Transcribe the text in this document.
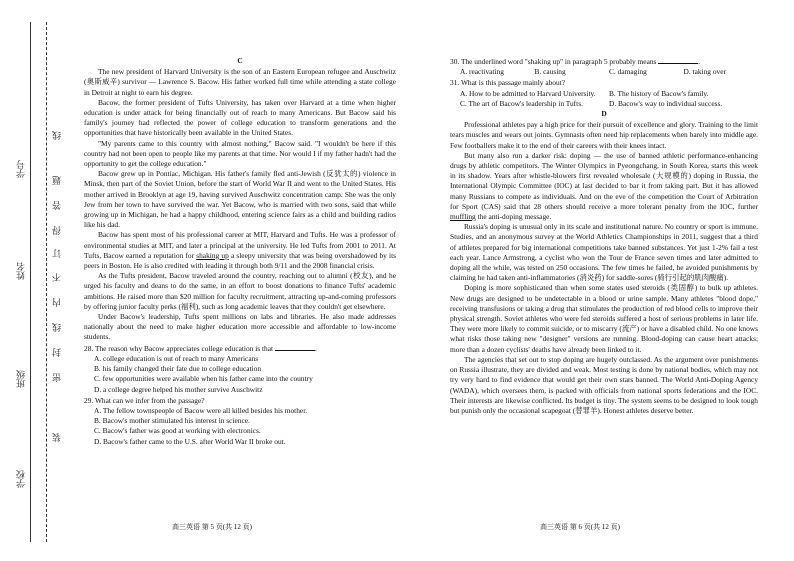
学号
姓名
班级
学校
线
题
答
得
订
不
内
线
封
密
装
C

The new president of Harvard University is the son of an Eastern European refugee and Auschwitz (奥斯威辛) survivor — Lawrence S. Bacow. His father worked full time while attending a state college in Detroit at night to earn his degree.

Bacow, the former president of Tufts University, has taken over Harvard at a time when higher education is under attack for being financially out of reach to many Americans. But Bacow said his family's journey had reflected the power of college education to transform generations and the opportunities that have historically been available in the United States.

"My parents came to this country with almost nothing," Bacow said. "I wouldn't be here if this country had not been open to people like my parents at that time. Nor would I if my father hadn't had the opportunity to get the college education."

Bacow grew up in Pontiac, Michigan. His father's family fled anti-Jewish (反犹太的) violence in Minsk, then part of the Soviet Union, before the start of World War II and went to the United States. His mother arrived in Brooklyn at age 19, having survived Auschwitz concentration camp. She was the only Jew from her town to have survived the war. Yet Bacow, who is married with two sons, said that while growing up in Michigan, he had a happy childhood, entering science fairs as a child and building radios like his dad.

Bacow has spent most of his professional career at MIT, Harvard and Tufts. He was a professor of environmental studies at MIT, and later a principal at the university. He led Tufts from 2001 to 2011. At Tufts, Bacow earned a reputation for shaking up a sleepy university that was being overshadowed by its peers in Boston. He is also credited with leading it through both 9/11 and the 2008 financial crisis.

As the Tufts president, Bacow traveled around the country, reaching out to alumni (校友), and he urged his faculty and deans to do the same, in an effort to boost donations to finance Tufts' academic ambitions. He raised more than $20 million for faculty recruitment, attracting up-and-coming professors by offering junior faculty perks (福利), such as long academic leaves that they couldn't get elsewhere.

Under Bacow's leadership, Tufts spent millions on labs and libraries. He also made addresses nationally about the need to make higher education more accessible and affordable to low-income students.

28. The reason why Bacow appreciates college education is that	.

A. college education is out of reach to many Americans
B. his family changed their fate due to college education
C. few opportunities were available when his father came into the country
D. a college degree helped his mother survive Auschwitz

29. What can we infer from the passage?

A. The fellow townspeople of Bacow were all killed besides his mother.
B. Bacow's mother stimulated his interest in science.
C. Bacow's father was good at working with electronics.
D. Bacow's father came to the U.S. after World War II broke out.

30. The underlined word "shaking up" in paragraph 5 probably means	.

A. reactivating	B. causing	C. damaging	D. taking over

31. What is this passage mainly about?

A. How to be admitted to Harvard University.	B. The history of Bacow's family.
C. The art of Bacow's leadership in Tufts.	D. Bacow's way to individual success.
D

Professional athletes pay a high price for their pursuit of excellence and glory. Training to the limit tears muscles and wears out joints. Gymnasts often need hip replacements when barely into middle age. Few footballers make it to the end of their careers with their knees intact.

But many also run a darker risk: doping — the use of banned athletic performance-enhancing drugs by athletic competitors. The Winter Olympics in Pyeongchang, in South Korea, starts this week in its shadow. Years after whistle-blowers first revealed wholesale (大规模的) doping in Russia, the International Olympic Committee (IOC) at last decided to bar it from taking part. But it has allowed many Russians to compete as individuals. And on the eve of the competition the Court of Arbitration for Sport (CAS) said that 28 others should receive a more tolerant penalty from the IOC, further muffling the anti-doping message.

Russia's doping is unusual only in its scale and institutional nature. No country or sport is immune. Studies, and an anonymous survey at the World Athletics Championships in 2011, suggest that a third of athletes prepared for big international competitions take banned substances. Yet just 1-2% fail a test each year. Lance Armstrong, a cyclist who won the Tour de France seven times and later admitted to doping all the while, was tested on 250 occasions. The few times he failed, he avoided punishments by claiming he had taken anti-inflammatories (消炎药) for saddle-sores (骑行引起的肌肉酸痛).

Doping is more sophisticated than when some states used steroids (类固醇) to bulk up athletes. New drugs are designed to be undetectable in a blood or urine sample. Many athletes "blood dope," receiving transfusions or taking a drug that stimulates the production of red blood cells to improve their physical strength. Soviet athletes who were fed steroids suffered a host of serious problems in later life. They were more likely to commit suicide, or to miscarry (流产) or have a disabled child. No one knows what risks those taking new "designer" versions are running. Blood-doping can cause heart attacks; more than a dozen cyclists' deaths have already been linked to it.

The agencies that set out to stop doping are hugely outclassed. As the argument over punishments on Russia illustrate, they are divided and weak. Most testing is done by national bodies, which may not try very hard to find evidence that would get their own stars banned. The World Anti-Doping Agency (WADA), which oversees them, is packed with officials from national sports federations and the IOC. Their interests are likewise conflicted. Its budget is tiny. The system seems to be designed to look tough but punish only the occasional scapegoat (替罪羊). Honest athletes deserve better.

高三英语 第 5 页(共 12 页)	高三英语 第 6 页(共 12 页)
